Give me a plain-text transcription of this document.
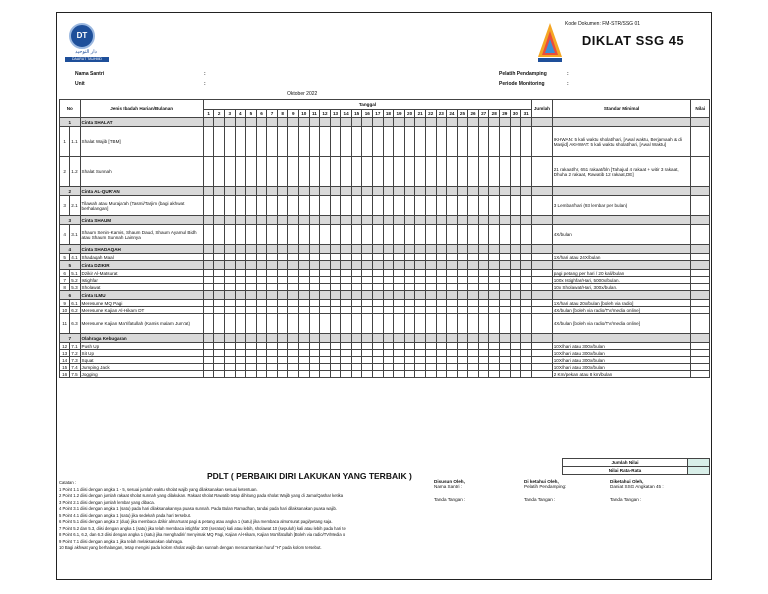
DT
دار التوحيد
DAARUT TAUHIIID
Kode Dokumen: FM-STR/SSG 01
DIKLAT SSG 45
Nama Santri	:
Unit	:
Pelatih Pendamping	:
Periode Monitoring	:
Oktober 2022
No		Jenis Ibadah Harian/Bulanan	Tanggal																															Jumlah	Standar Minimal	Nilai
			1	2	3	4	5	6	7	8	9	10	11	12	13	14	15	16	17	18	19	20	21	22	23	24	25	26	27	28	29	30	31			
1		Cinta SHALAT																																		
1	1.1	Shalat Wajib [TBM]																																	IKHWAN: 5 kali waktu sholat/hari, [Awal waktu, Berjamaah & di Masjid] AKHWAT: 5 kali waktu sholat/hari, [Awal Waktu]	
2	1.2	Shalat Sunnah																																	21 rakaat/hr, 651 rakaat/bln [Tahajud 4 rakaat + witir 3 rakaat, Dhuha 2 rakaat, Rawatib 12 rakaat,DE]	
2		Cinta AL-QUR'AN																																		
3	2.1	Tilawah atau Muraja'ah (Tasmi/Tarjim (bagi akhwat berhalangan]																																	3 Lembar/hari (93 lembar per bulan)	
3		Cinta SHAUM																																		
4	3.1	Shaum Senin-Kamis, Shaum Daud, Shaum Ayamul Bidh atau Shaum Sunnah Lainnya																																	4X/bulan	
4		Cinta SHADAQAH																																		
5	4.1	Shadaqah Maal																																	1X/hari atau 24X/bulan	
5		Cinta DZIKIR																																		
6	5.1	Dzikir Al-Matsurat																																	pagi petang per hari / 20 kali/bulan	
7	5.2	Istighfar																																	100x Istighfar/Hari, 5000x/bulan.	
8	5.3	Sholawat																																	10x Sholawat/Hari, 300x/bulan.	
6		Cinta ILMU																																		
9	6.1	Meresume MQ Pagi																																	1X/hari atau 20x/bulan [boleh via radio]	
10	6.2	Meresume Kajian Al-Hikam DT																																	4X/bulan [boleh via radio/TV/media online]	
11	6.3	Meresume Kajian Ma'rifatullah (Kamis malam Jum'at)																																	4X/bulan [boleh via radio/TV/media online]	
7		Olahraga Kebugaran																																		
12	7.1	Push Up																																	10X/hari atau 300x/bulan	
13	7.2	Sit Up																																	10X/hari atau 300x/bulan	
14	7.3	Squat																																	10X/hari atau 300x/bulan	
15	7.4	Jumping Jack																																	10X/hari atau 300x/bulan	
16	7.5	Jogging																																	2 Km/pekan atau 8 km/bulan	
PDLT ( PERBAIKI DIRI LAKUKAN YANG TERBAIK )
Jumlah Nilai	
Nilai Rata-Rata	
Catatan :
1 Point 1.1 diisi dengan angka 1 - 5, sesuai jumlah waktu sholat wajib yang dilaksanakan sesuai ketentuan.
2 Point 1.2 diisi dengan jumlah rakaat sholat sunnah yang dilakukan. Rakaat sholat Rawatib tetap dihitung pada sholat Wajib yang di Jama/Qashar ketika
3 Point 2.1 diisi dengan jumlah lembar yang dibaca.
4 Point 3.1 diisi dengan angka 1 (satu) pada hari dilaksanakannya puasa sunnah. Pada Bulan Ramadhan, tandai pada hari dilaksanakan puasa wajib.
5 Point 4.1 diisi dengan angka 1 (satu) jika sedekah pada hari tersebut.
6 Point 5.1 diisi dengan angka 2 (dua) jika membaca dzikir alma'surat pagi & petang atau angka 1 (satu) jika membaca alma'surat pagi/petang saja.
7 Point 5.2 dan 5.3, diisi dengan angka 1 (satu) jika telah membaca istighfar 100 (seratus) kali atau lebih, sholawat 10 (sepuluh) kali atau lebih pada hari te
8 Point 6.1, 6.2, dan 6.3 diisi dengan angka 1 (satu) jika menghadiri/ menyimak MQ Pagi, Kajian Al-Hikam, Kajian Ma'rifatullah [Boleh via radio/TV/Media o
9 Point 7.1 diisi dengan angka 1 jika telah melaksanakan olahraga.
10 Bagi akhwat yang berhalangan, tetap mengisi pada kolom sholat wajib dan sunnah dengan mencantumkan huruf "H" pada kolom tersebut.
Disusun Oleh,
Nama Santri :
Tanda Tangan :
Di ketahui Oleh,
Pelatih Pendamping:
Tanda Tangan :
Diketahui Oleh,
Daniat SSG Angkatan 45 :
Tanda Tangan :
